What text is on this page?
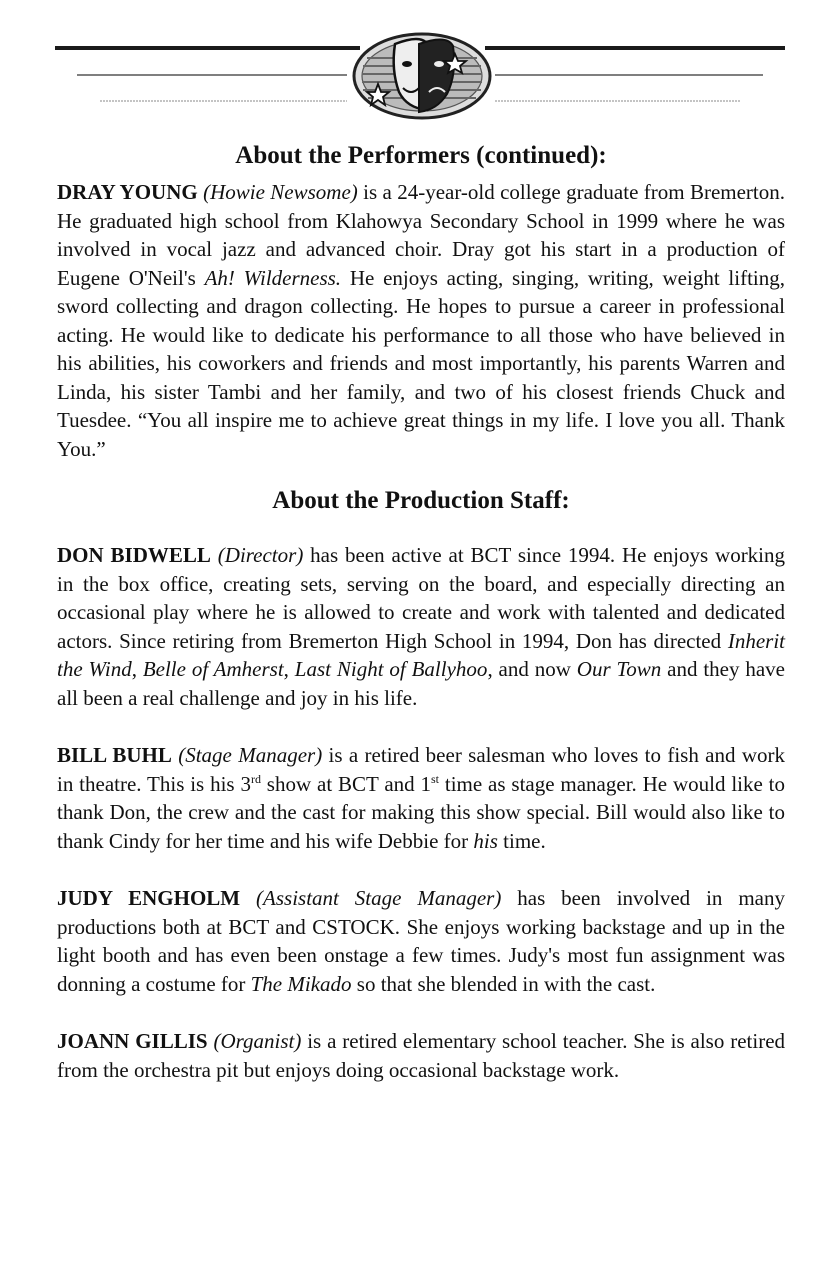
About the Performers (continued):

DRAY YOUNG (Howie Newsome) is a 24-year-old college graduate from Bremerton. He graduated high school from Klahowya Secondary School in 1999 where he was involved in vocal jazz and advanced choir. Dray got his start in a production of Eugene O'Neil's Ah! Wilderness. He enjoys acting, singing, writing, weight lifting, sword collecting and dragon collecting. He hopes to pursue a career in professional acting. He would like to dedicate his performance to all those who have believed in his abilities, his coworkers and friends and most importantly, his parents Warren and Linda, his sister Tambi and her family, and two of his closest friends Chuck and Tuesdee. “You all inspire me to achieve great things in my life. I love you all. Thank You.”

About the Production Staff:

DON BIDWELL (Director) has been active at BCT since 1994. He enjoys working in the box office, creating sets, serving on the board, and especially directing an occasional play where he is allowed to create and work with talented and dedicated actors. Since retiring from Bremerton High School in 1994, Don has directed Inherit the Wind, Belle of Amherst, Last Night of Ballyhoo, and now Our Town and they have all been a real challenge and joy in his life.

BILL BUHL (Stage Manager) is a retired beer salesman who loves to fish and work in theatre. This is his 3rd show at BCT and 1st time as stage manager. He would like to thank Don, the crew and the cast for making this show special. Bill would also like to thank Cindy for her time and his wife Debbie for his time.

JUDY ENGHOLM (Assistant Stage Manager) has been involved in many productions both at BCT and CSTOCK. She enjoys working backstage and up in the light booth and has even been onstage a few times. Judy's most fun assignment was donning a costume for The Mikado so that she blended in with the cast.

JOANN GILLIS (Organist) is a retired elementary school teacher. She is also retired from the orchestra pit but enjoys doing occasional backstage work.
